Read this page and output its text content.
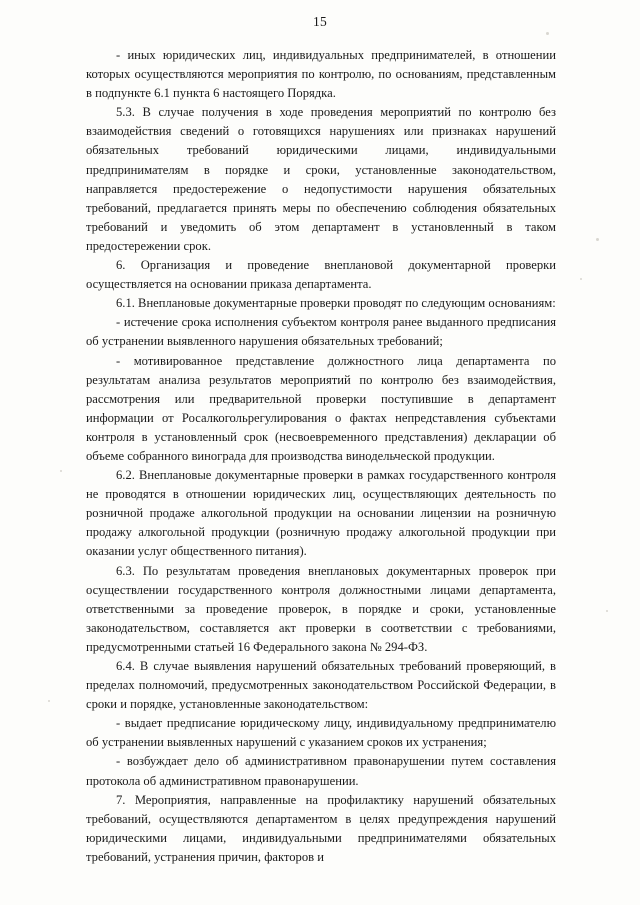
15

- иных юридических лиц, индивидуальных предпринимателей, в отношении которых осуществляются мероприятия по контролю, по основаниям, представленным в подпункте 6.1 пункта 6 настоящего Порядка.

5.3. В случае получения в ходе проведения мероприятий по контролю без взаимодействия сведений о готовящихся нарушениях или признаках нарушений обязательных требований юридическими лицами, индивидуальными предпринимателям в порядке и сроки, установленные законодательством, направляется предостережение о недопустимости нарушения обязательных требований, предлагается принять меры по обеспечению соблюдения обязательных требований и уведомить об этом департамент в установленный в таком предостережении срок.

6. Организация и проведение внеплановой документарной проверки осуществляется на основании приказа департамента.

6.1. Внеплановые документарные проверки проводят по следующим основаниям:

- истечение срока исполнения субъектом контроля ранее выданного предписания об устранении выявленного нарушения обязательных требований;

- мотивированное представление должностного лица департамента по результатам анализа результатов мероприятий по контролю без взаимодействия, рассмотрения или предварительной проверки поступившие в департамент информации от Росалкогольрегулирования о фактах непредставления субъектами контроля в установленный срок (несвоевременного представления) декларации об объеме собранного винограда для производства винодельческой продукции.

6.2. Внеплановые документарные проверки в рамках государственного контроля не проводятся в отношении юридических лиц, осуществляющих деятельность по розничной продаже алкогольной продукции на основании лицензии на розничную продажу алкогольной продукции (розничную продажу алкогольной продукции при оказании услуг общественного питания).

6.3. По результатам проведения внеплановых документарных проверок при осуществлении государственного контроля должностными лицами департамента, ответственными за проведение проверок, в порядке и сроки, установленные законодательством, составляется акт проверки в соответствии с требованиями, предусмотренными статьей 16 Федерального закона № 294-ФЗ.

6.4. В случае выявления нарушений обязательных требований проверяющий, в пределах полномочий, предусмотренных законодательством Российской Федерации, в сроки и порядке, установленные законодательством:

- выдает предписание юридическому лицу, индивидуальному предпринимателю об устранении выявленных нарушений с указанием сроков их устранения;

- возбуждает дело об административном правонарушении путем составления протокола об административном правонарушении.

7. Мероприятия, направленные на профилактику нарушений обязательных требований, осуществляются департаментом в целях предупреждения нарушений юридическими лицами, индивидуальными предпринимателями обязательных требований, устранения причин, факторов и
